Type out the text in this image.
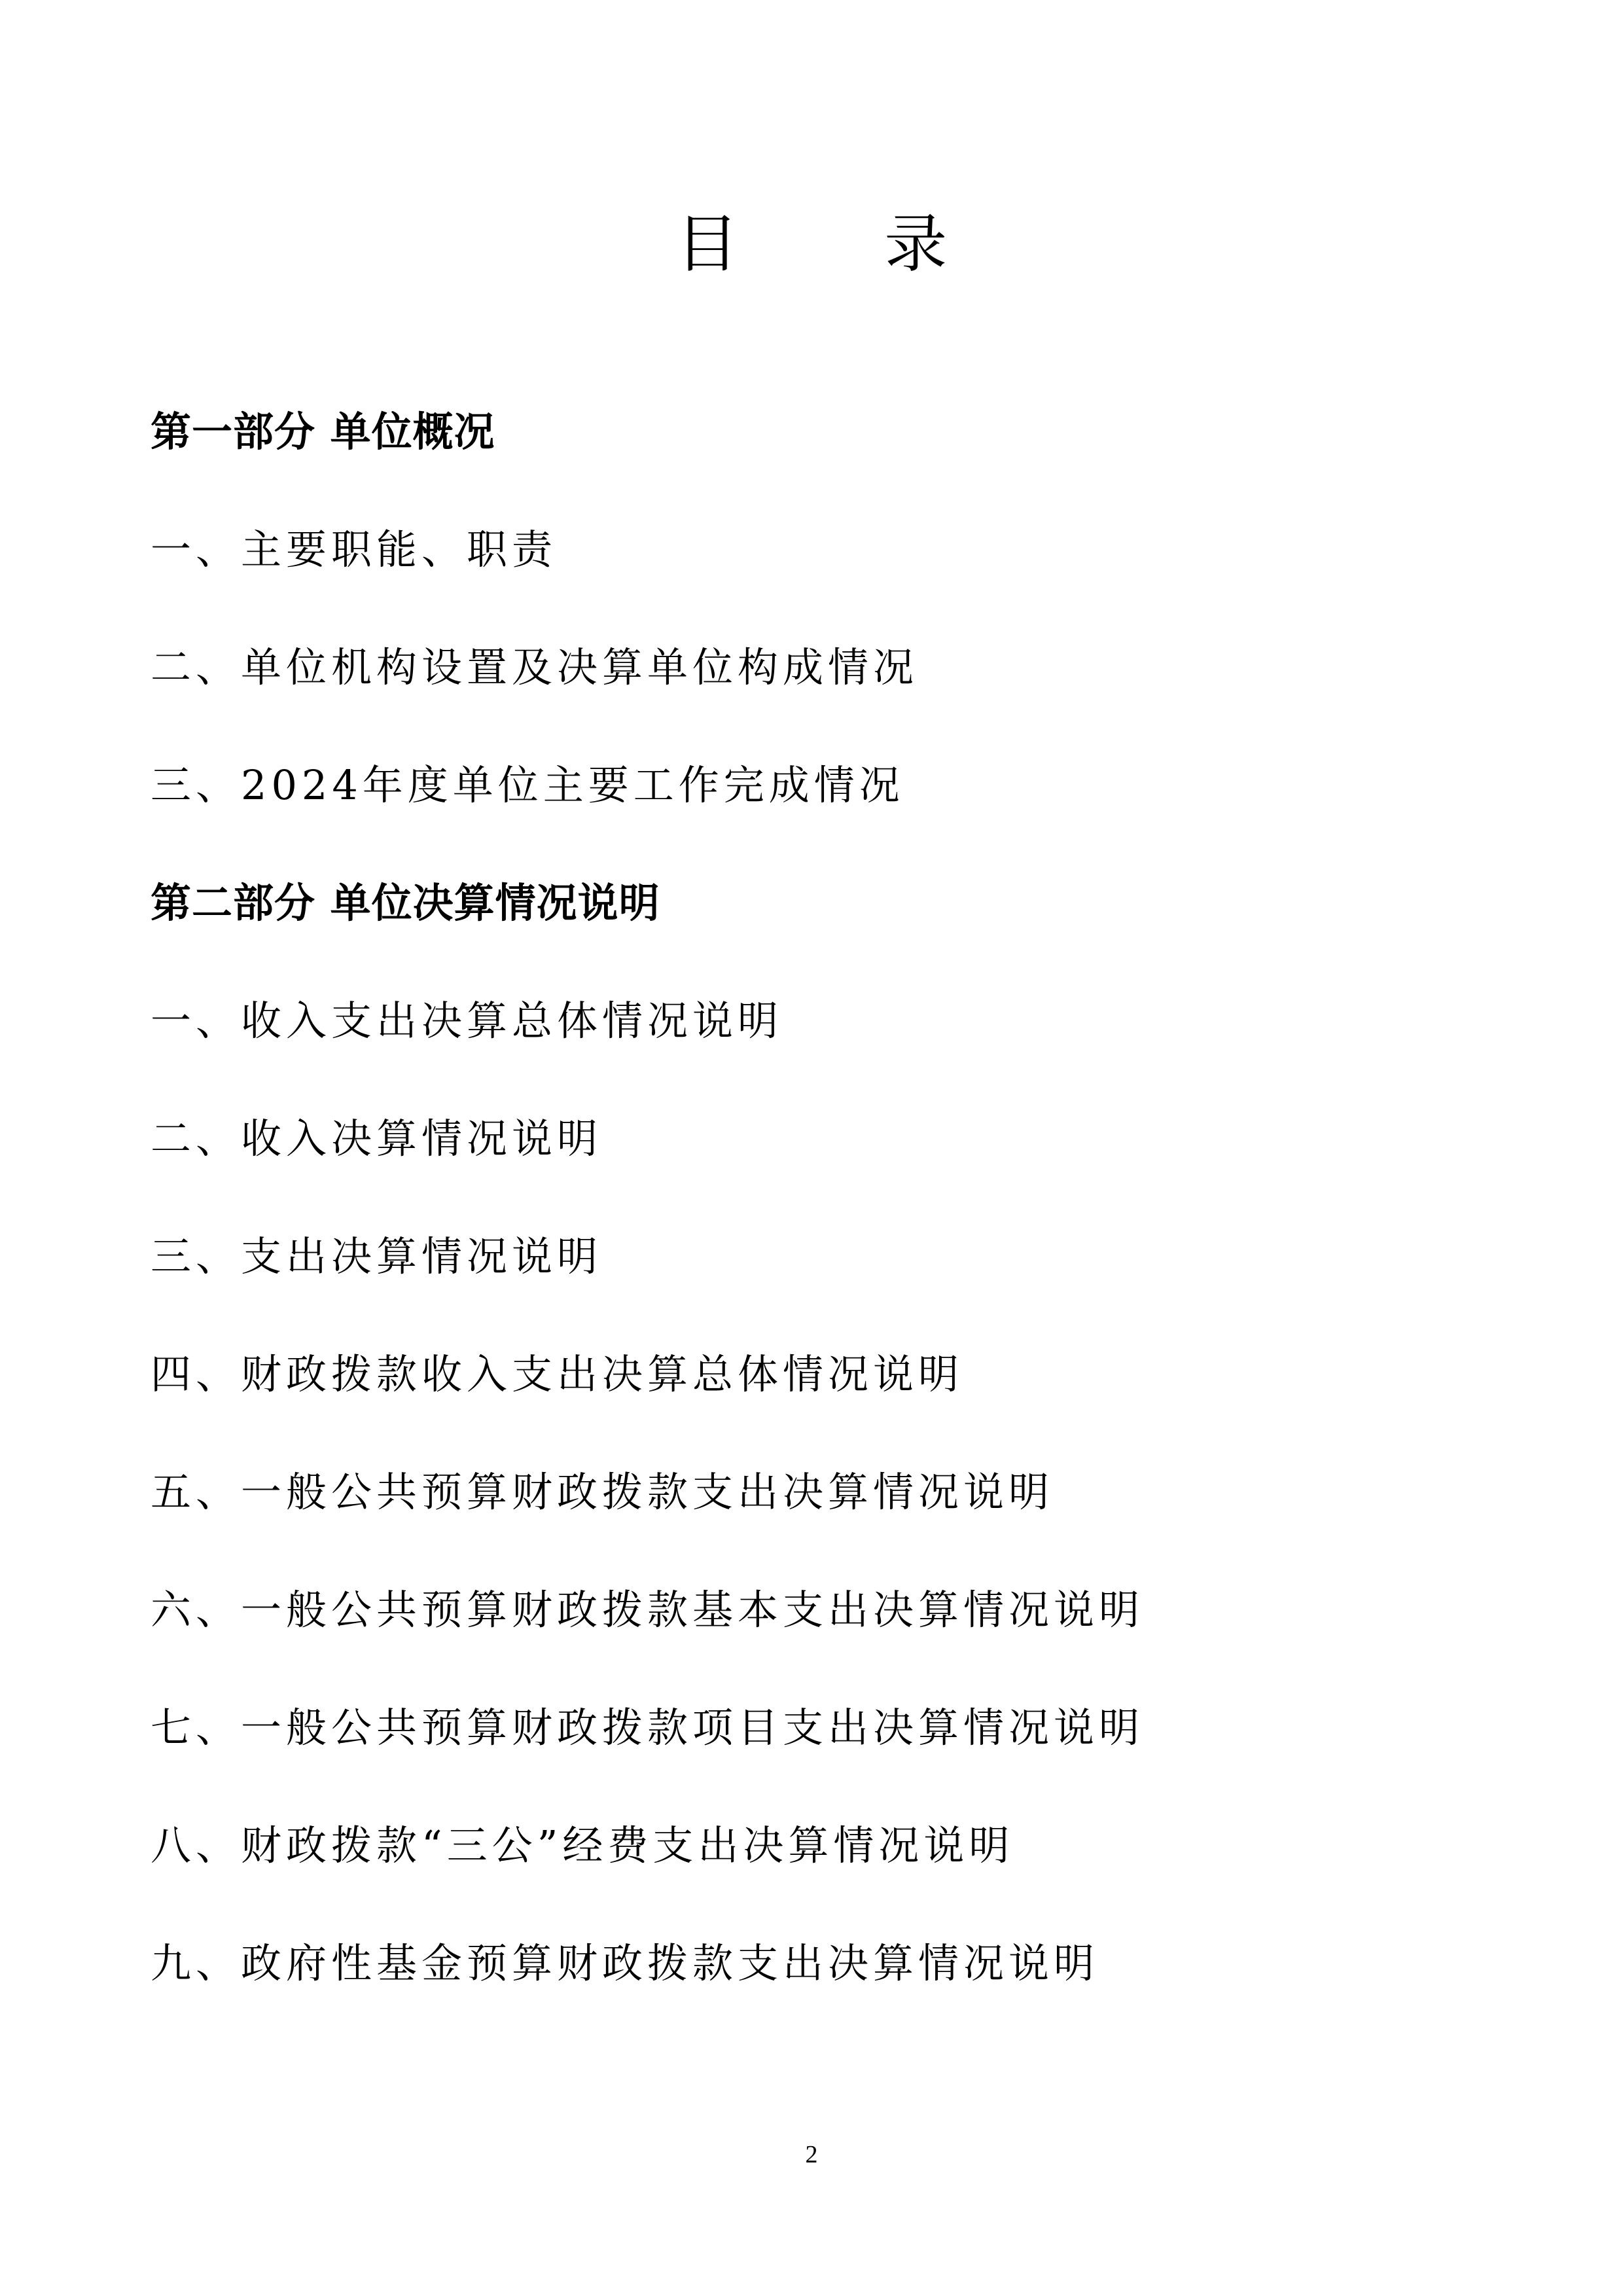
目 录
第一部分 单位概况
一、主要职能、职责
二、单位机构设置及决算单位构成情况
三、2024年度单位主要工作完成情况
第二部分 单位决算情况说明
一、收入支出决算总体情况说明
二、收入决算情况说明
三、支出决算情况说明
四、财政拨款收入支出决算总体情况说明
五、一般公共预算财政拨款支出决算情况说明
六、一般公共预算财政拨款基本支出决算情况说明
七、一般公共预算财政拨款项目支出决算情况说明
八、财政拨款“三公”经费支出决算情况说明
九、政府性基金预算财政拨款支出决算情况说明
2
